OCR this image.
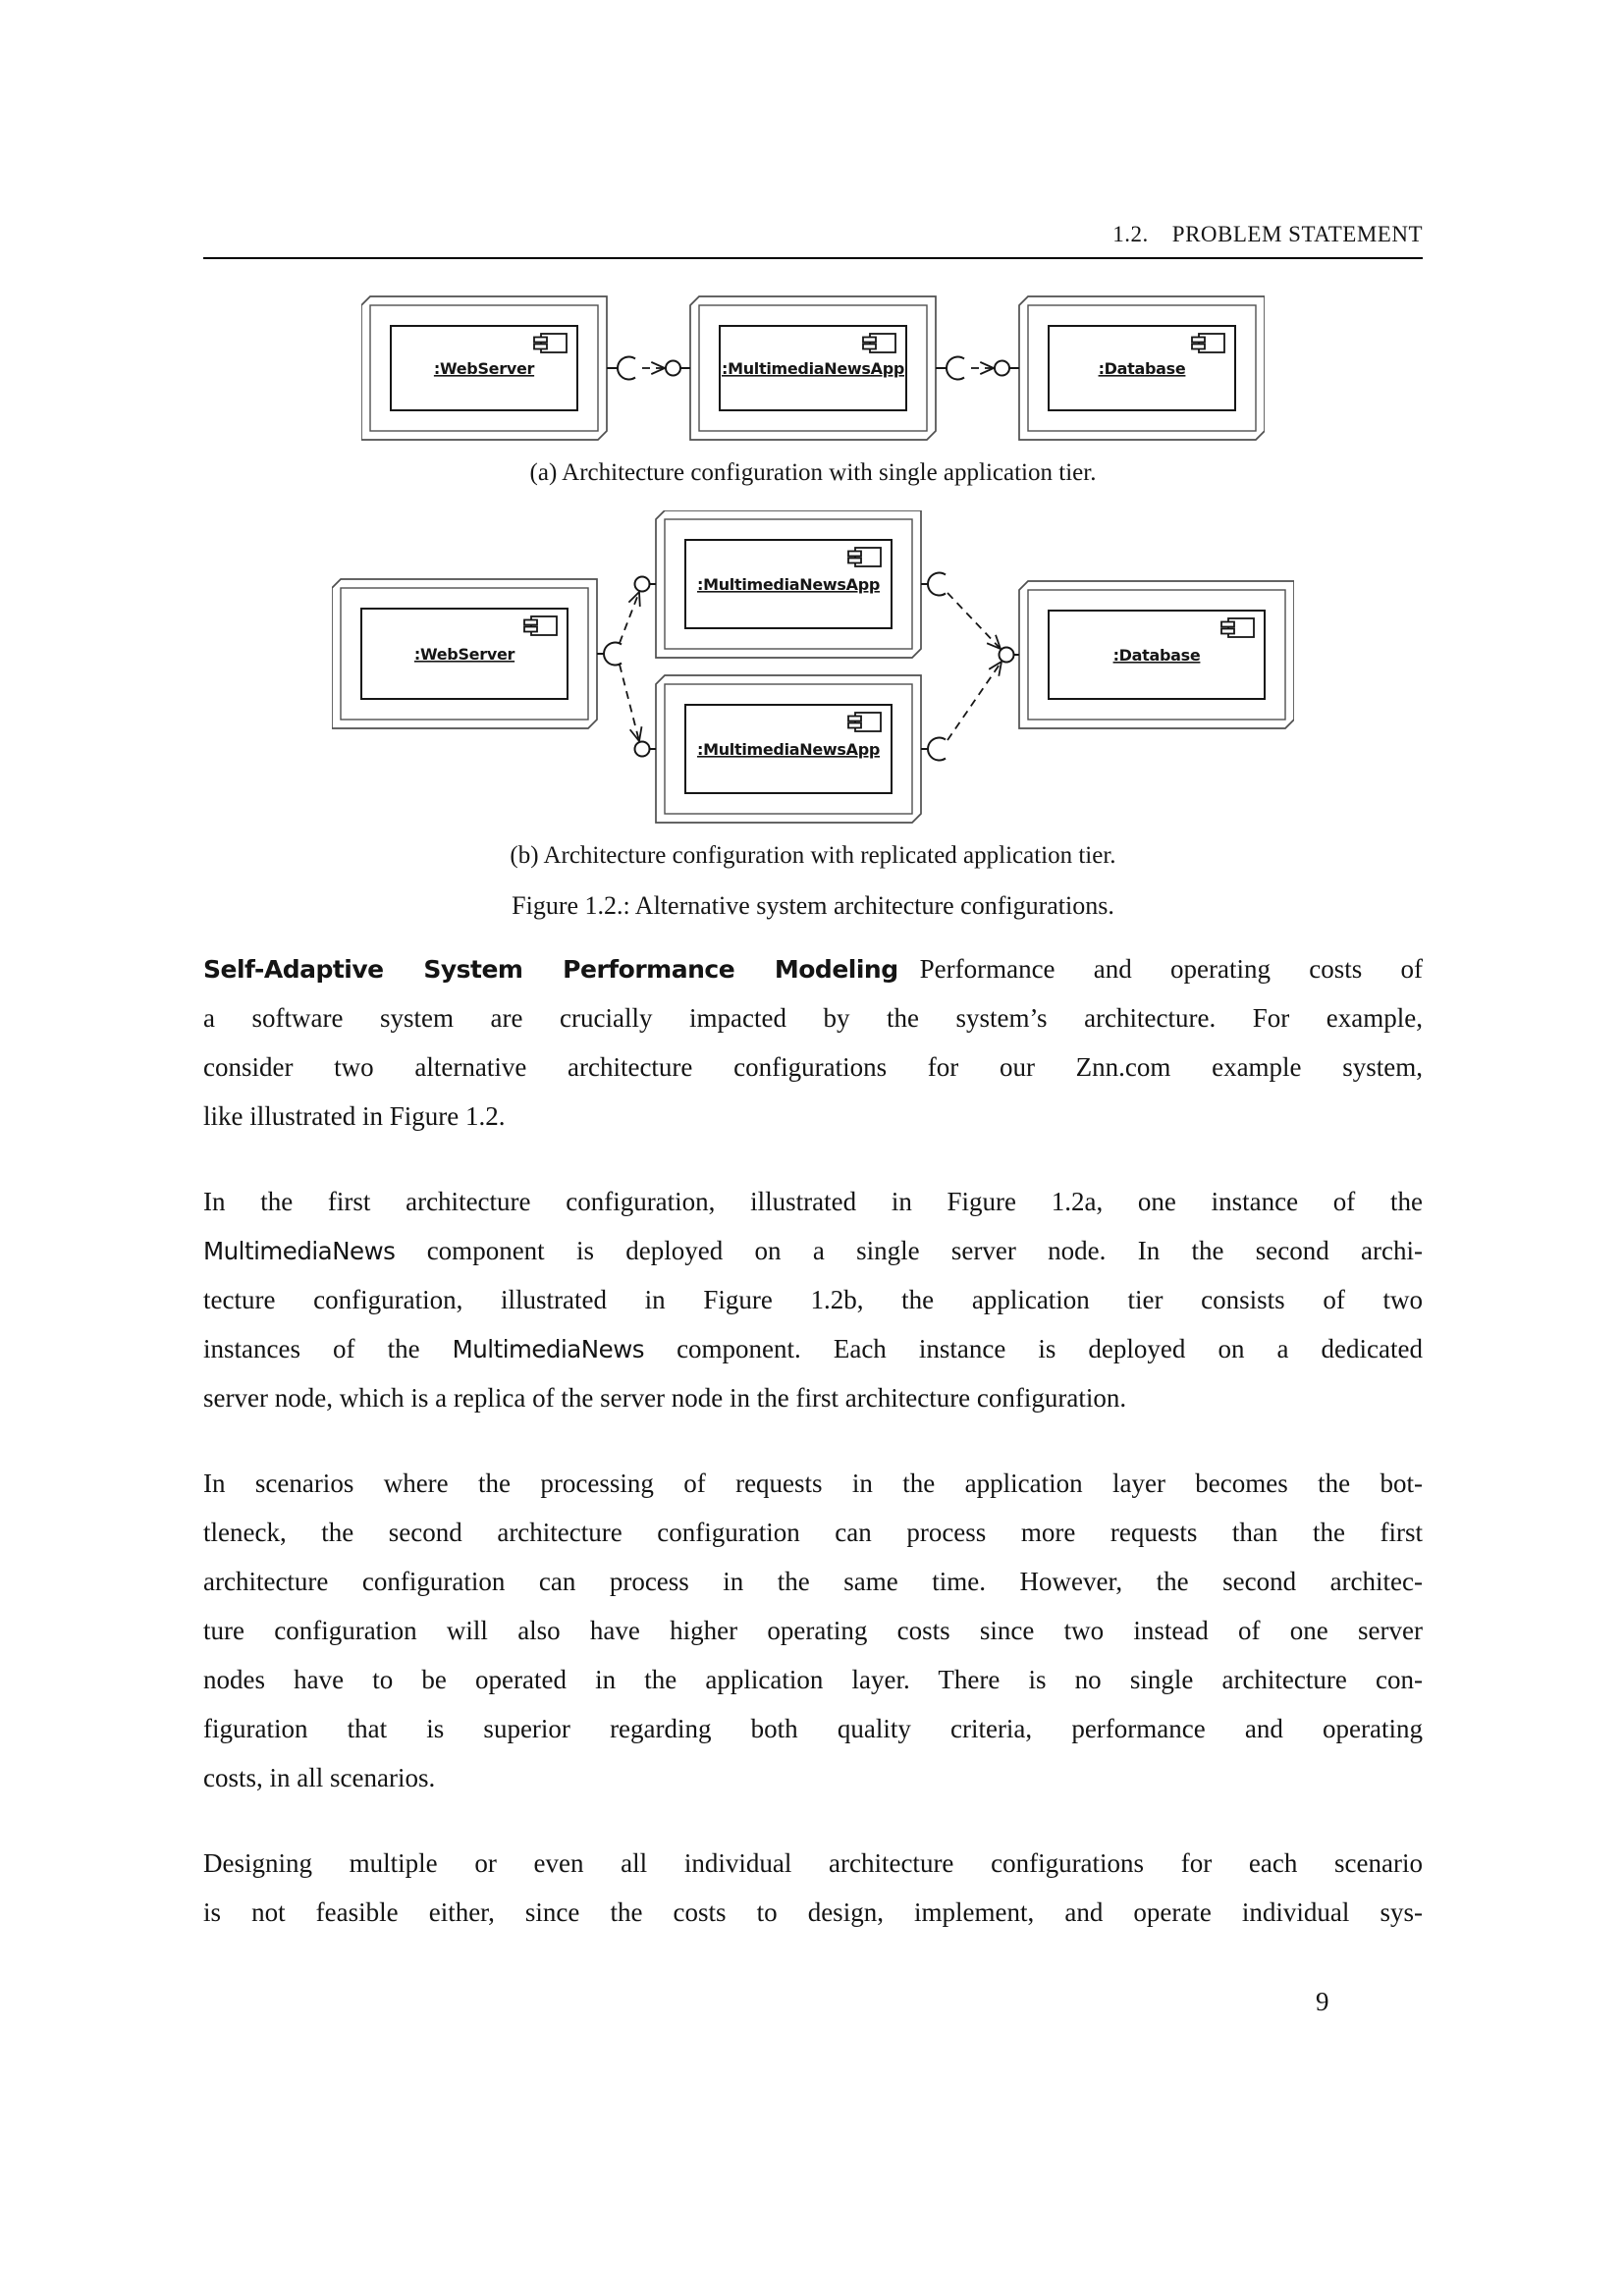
1.2. PROBLEM STATEMENT
:WebServer	:MultimediaNewsApp	:Database
(a) Architecture configuration with single application tier.
:WebServer
:MultimediaNewsApp
:MultimediaNewsApp
:Database
(b) Architecture configuration with replicated application tier.
Figure 1.2.: Alternative system architecture configurations.
Self-Adaptive System Performance Modeling Performance and operating costs of
a software system are crucially impacted by the system’s architecture. For example,
consider two alternative architecture configurations for our Znn.com example system,
like illustrated in Figure 1.2.
In the first architecture configuration, illustrated in Figure 1.2a, one instance of the
MultimediaNews component is deployed on a single server node. In the second archi-
tecture configuration, illustrated in Figure 1.2b, the application tier consists of two
instances of the MultimediaNews component. Each instance is deployed on a dedicated
server node, which is a replica of the server node in the first architecture configuration.
In scenarios where the processing of requests in the application layer becomes the bot-
tleneck, the second architecture configuration can process more requests than the first
architecture configuration can process in the same time. However, the second architec-
ture configuration will also have higher operating costs since two instead of one server
nodes have to be operated in the application layer. There is no single architecture con-
figuration that is superior regarding both quality criteria, performance and operating
costs, in all scenarios.
Designing multiple or even all individual architecture configurations for each scenario
is not feasible either, since the costs to design, implement, and operate individual sys-
9
